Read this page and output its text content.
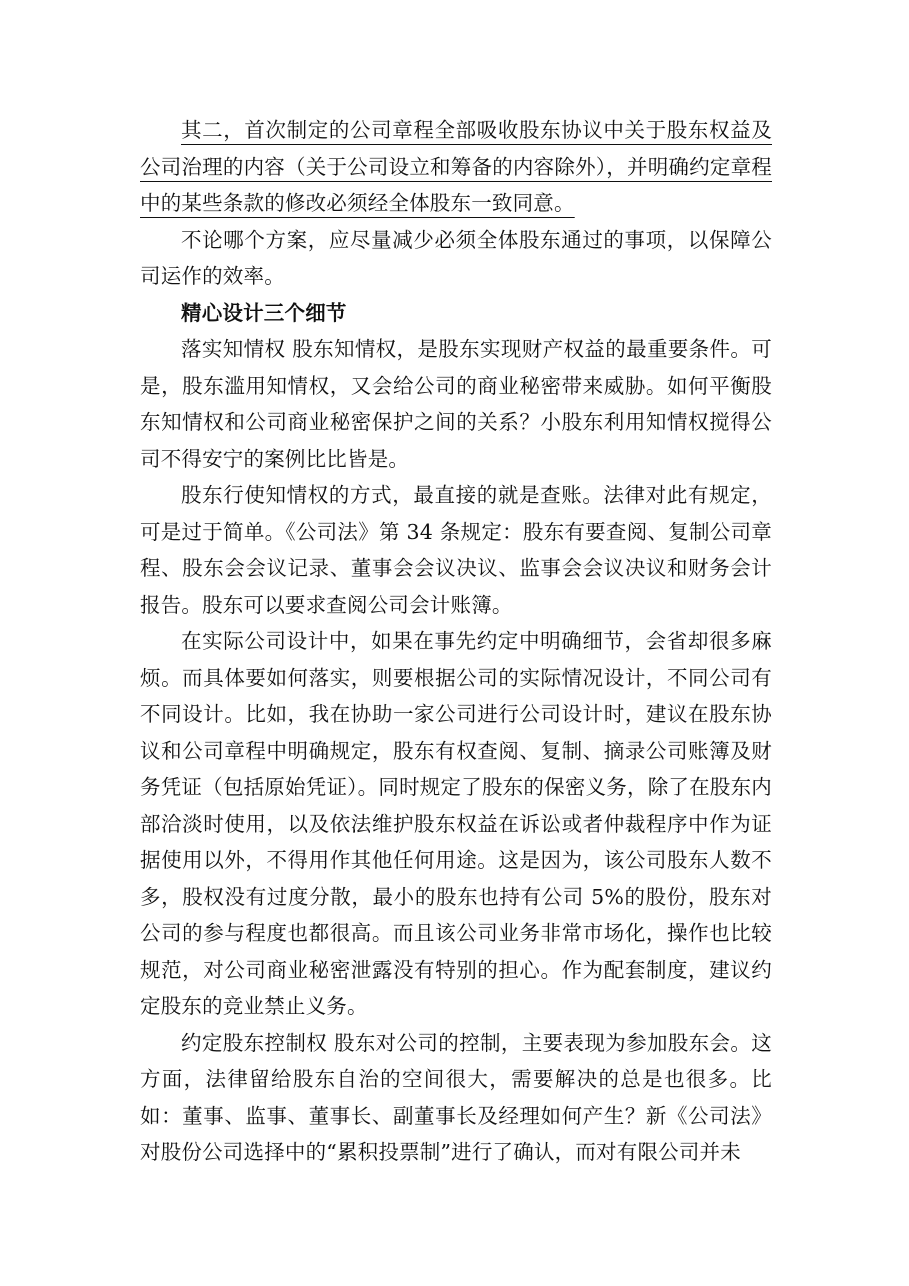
其二，首次制定的公司章程全部吸收股东协议中关于股东权益及公司治理的内容（关于公司设立和筹备的内容除外），并明确约定章程中的某些条款的修改必须经全体股东一致同意。

不论哪个方案，应尽量减少必须全体股东通过的事项，以保障公司运作的效率。

精心设计三个细节

落实知情权 股东知情权，是股东实现财产权益的最重要条件。可是，股东滥用知情权，又会给公司的商业秘密带来威胁。如何平衡股东知情权和公司商业秘密保护之间的关系？小股东利用知情权搅得公司不得安宁的案例比比皆是。

股东行使知情权的方式，最直接的就是查账。法律对此有规定，可是过于简单。《公司法》第 34 条规定：股东有要查阅、复制公司章程、股东会会议记录、董事会会议决议、监事会会议决议和财务会计报告。股东可以要求查阅公司会计账簿。

在实际公司设计中，如果在事先约定中明确细节，会省却很多麻烦。而具体要如何落实，则要根据公司的实际情况设计，不同公司有不同设计。比如，我在协助一家公司进行公司设计时，建议在股东协议和公司章程中明确规定，股东有权查阅、复制、摘录公司账簿及财务凭证（包括原始凭证）。同时规定了股东的保密义务，除了在股东内部洽淡时使用，以及依法维护股东权益在诉讼或者仲裁程序中作为证据使用以外，不得用作其他任何用途。这是因为，该公司股东人数不多，股权没有过度分散，最小的股东也持有公司 5%的股份，股东对公司的参与程度也都很高。而且该公司业务非常市场化，操作也比较规范，对公司商业秘密泄露没有特别的担心。作为配套制度，建议约定股东的竞业禁止义务。

约定股东控制权 股东对公司的控制，主要表现为参加股东会。这方面，法律留给股东自治的空间很大，需要解决的总是也很多。比如：董事、监事、董事长、副董事长及经理如何产生？新《公司法》对股份公司选择中的“累积投票制”进行了确认，而对有限公司并未
